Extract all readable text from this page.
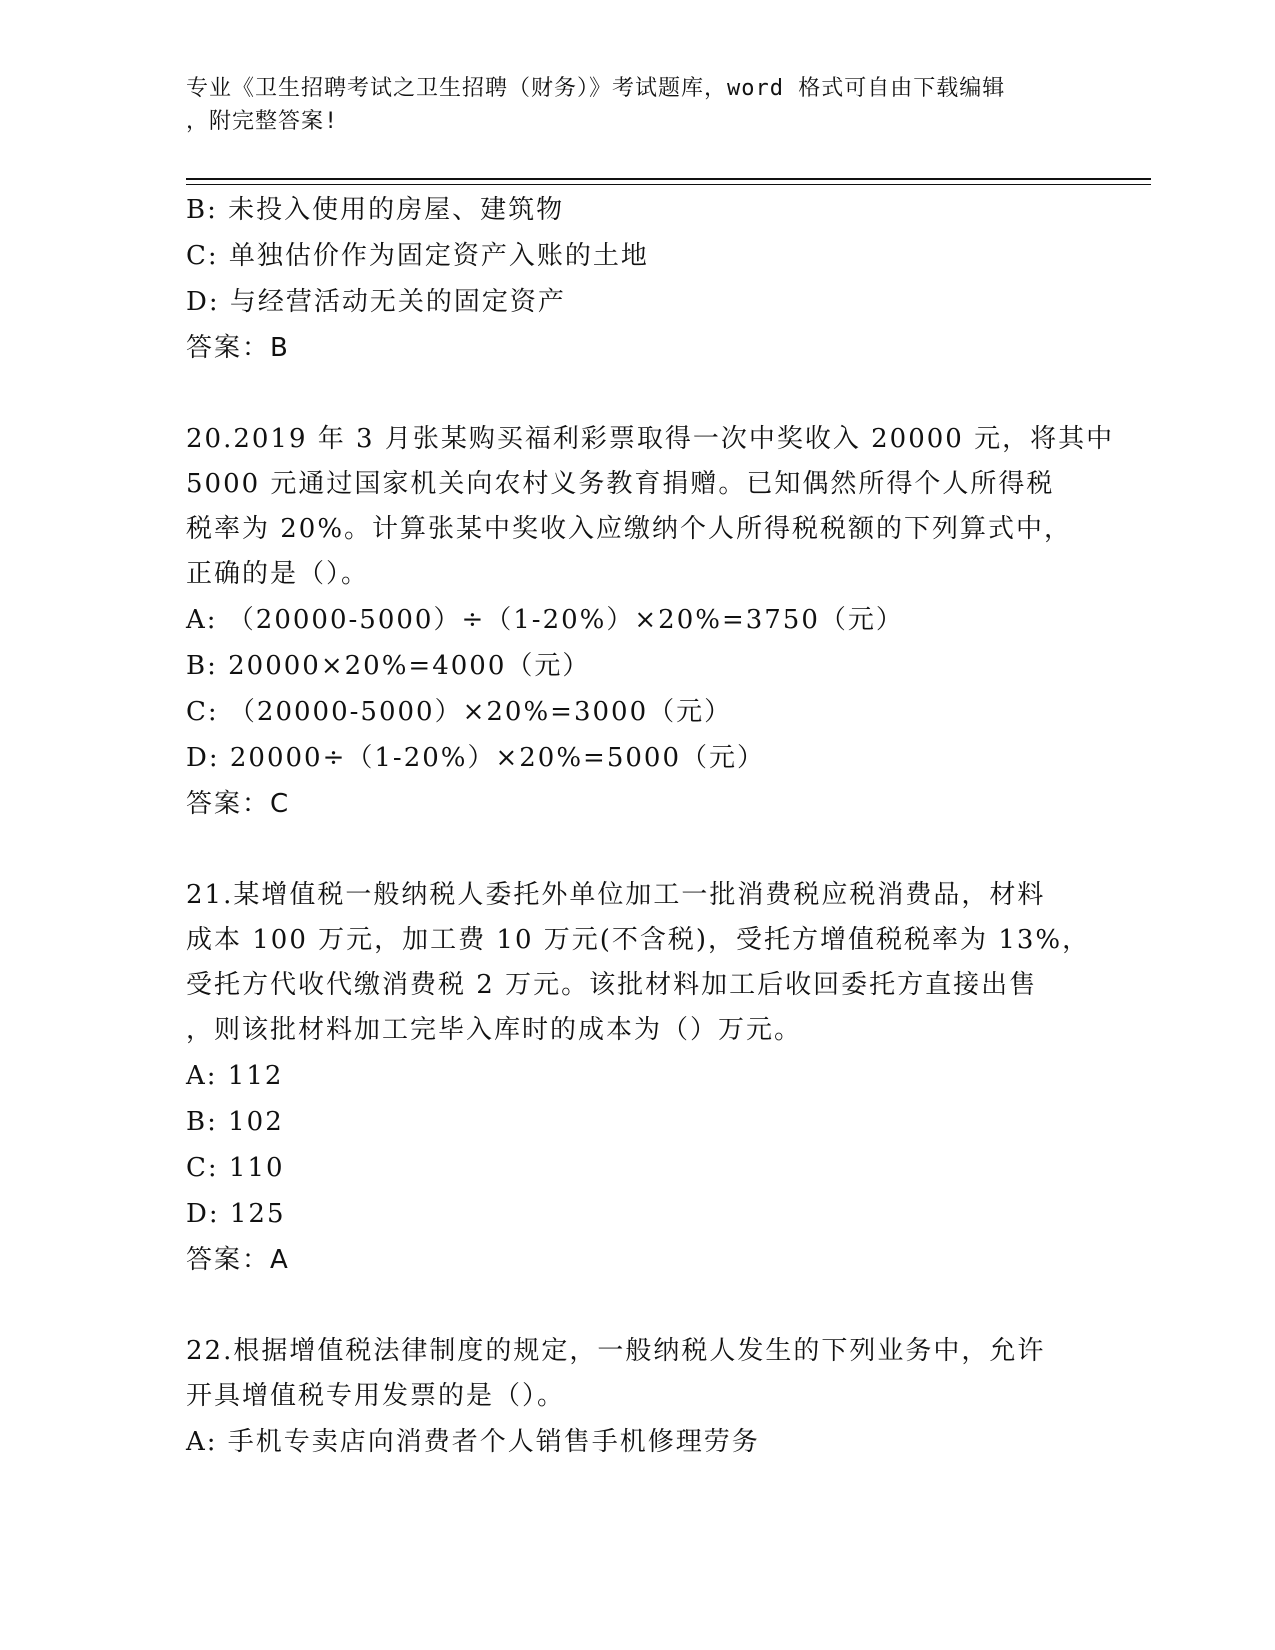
专业《卫生招聘考试之卫生招聘（财务）》考试题库，word 格式可自由下载编辑
，附完整答案!
B: 未投入使用的房屋、建筑物
C: 单独估价作为固定资产入账的土地
D: 与经营活动无关的固定资产
答案：B
20.2019 年 3 月张某购买福利彩票取得一次中奖收入 20000 元，将其中
5000 元通过国家机关向农村义务教育捐赠。已知偶然所得个人所得税
税率为 20%。计算张某中奖收入应缴纳个人所得税税额的下列算式中，
正确的是（）。
A: （20000-5000）÷（1-20%）×20%=3750（元）
B: 20000×20%=4000（元）
C: （20000-5000）×20%=3000（元）
D: 20000÷（1-20%）×20%=5000（元）
答案：C
21.某增值税一般纳税人委托外单位加工一批消费税应税消费品，材料
成本 100 万元，加工费 10 万元(不含税)，受托方增值税税率为 13%，
受托方代收代缴消费税 2 万元。该批材料加工后收回委托方直接出售
，则该批材料加工完毕入库时的成本为（）万元。
A: 112
B: 102
C: 110
D: 125
答案：A
22.根据增值税法律制度的规定，一般纳税人发生的下列业务中，允许
开具增值税专用发票的是（）。
A: 手机专卖店向消费者个人销售手机修理劳务
